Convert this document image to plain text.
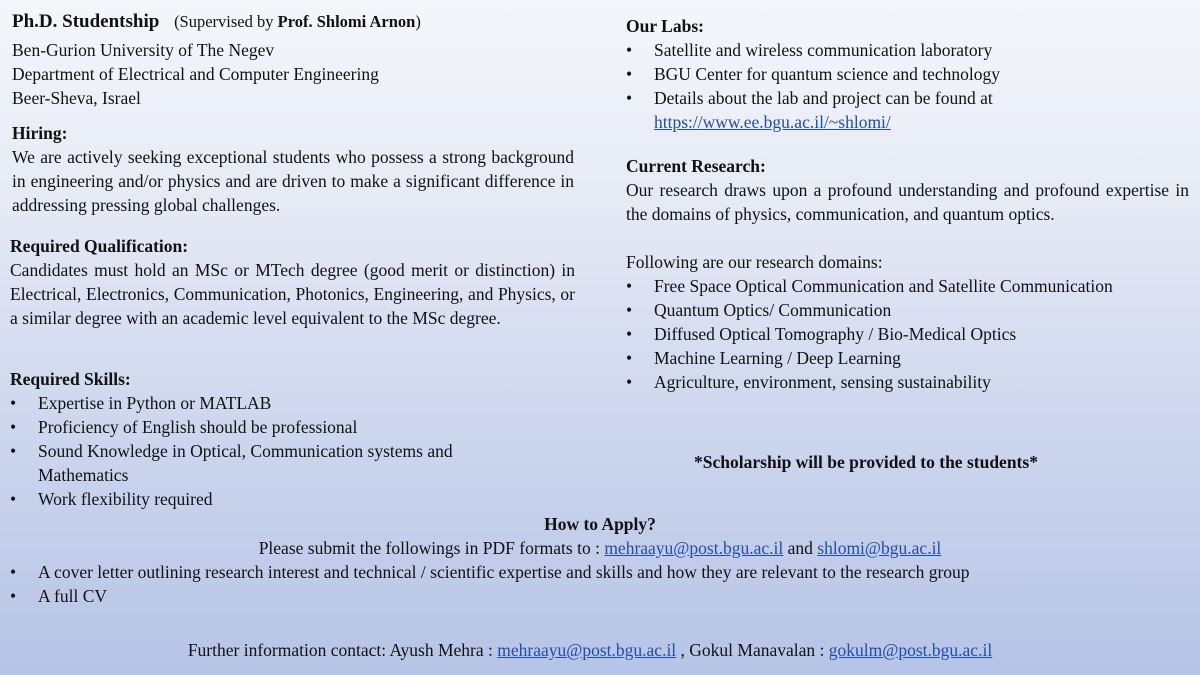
Ph.D. Studentship (Supervised by Prof. Shlomi Arnon)
Ben-Gurion University of The Negev
Department of Electrical and Computer Engineering
Beer-Sheva, Israel
Hiring:
We are actively seeking exceptional students who possess a strong background in engineering and/or physics and are driven to make a significant difference in addressing pressing global challenges.
Required Qualification:
Candidates must hold an MSc or MTech degree (good merit or distinction) in Electrical, Electronics, Communication, Photonics, Engineering, and Physics, or a similar degree with an academic level equivalent to the MSc degree.
Required Skills:
• Expertise in Python or MATLAB
• Proficiency of English should be professional
• Sound Knowledge in Optical, Communication systems and Mathematics
• Work flexibility required
Our Labs:
• Satellite and wireless communication laboratory
• BGU Center for quantum science and technology
• Details about the lab and project can be found at
https://www.ee.bgu.ac.il/~shlomi/
Current Research:
Our research draws upon a profound understanding and profound expertise in the domains of physics, communication, and quantum optics.
Following are our research domains:
• Free Space Optical Communication and Satellite Communication
• Quantum Optics/ Communication
• Diffused Optical Tomography / Bio-Medical Optics
• Machine Learning / Deep Learning
• Agriculture, environment, sensing sustainability
*Scholarship will be provided to the students*
How to Apply?
Please submit the followings in PDF formats to : mehraayu@post.bgu.ac.il and shlomi@bgu.ac.il
• A cover letter outlining research interest and technical / scientific expertise and skills and how they are relevant to the research group
• A full CV
Further information contact: Ayush Mehra : mehraayu@post.bgu.ac.il , Gokul Manavalan : gokulm@post.bgu.ac.il
